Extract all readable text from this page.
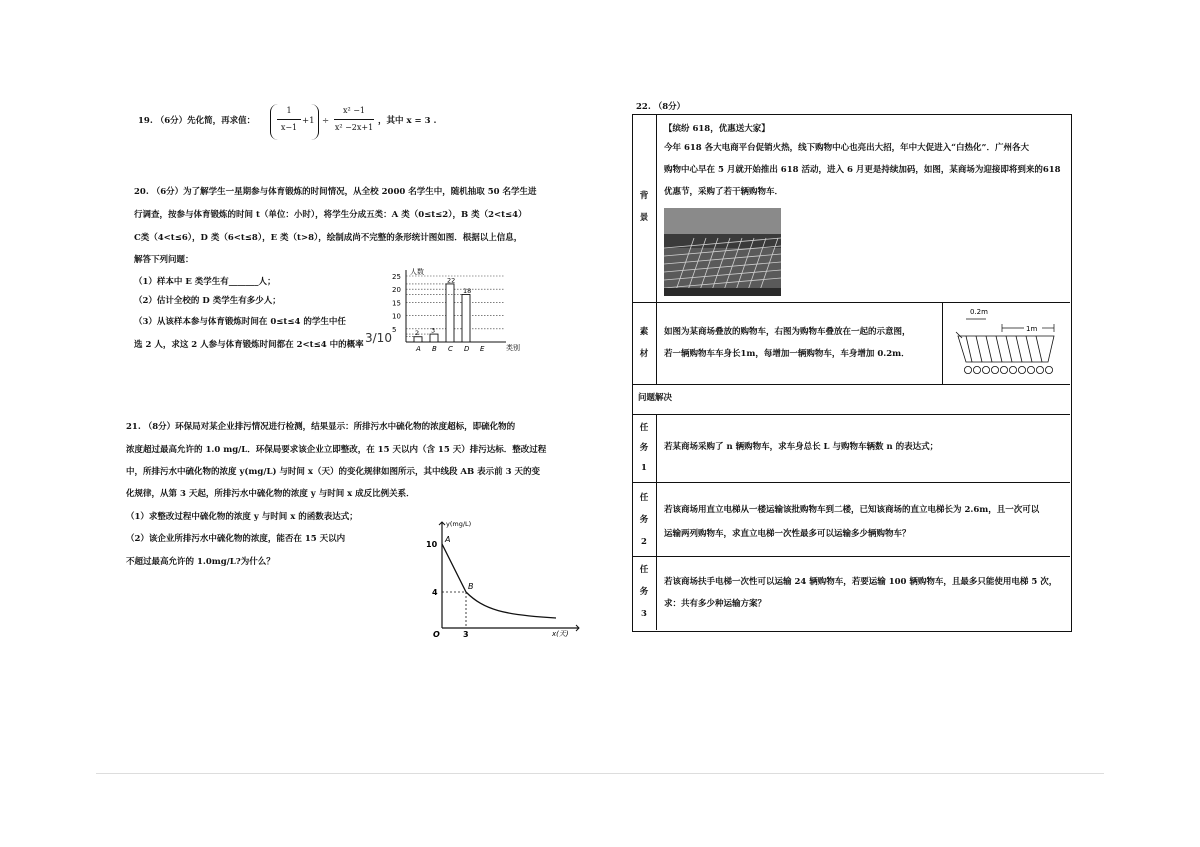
19. （6分）先化简，再求值：
1
x−1
+1 ÷
x² −1
x² −2x+1
，其中 x = 3 .
20. （6分）为了解学生一星期参与体育锻炼的时间情况，从全校 2000 名学生中，随机抽取 50 名学生进
行调查，按参与体育锻炼的时间 t（单位：小时），将学生分成五类：A 类（0≤t≤2），B 类（2<t≤4）
C类（4<t≤6），D 类（6<t≤8），E 类（t>8），绘制成尚不完整的条形统计图如图．根据以上信息，
解答下列问题：
（1）样本中 E 类学生有_______人；
（2）估计全校的 D 类学生有多少人；
（3）从该样本参与体育锻炼时间在 0≤t≤4 的学生中任
选 2 人，求这 2 人参与体育锻炼时间都在 2<t≤4 中的概率 3/10
25
20
15
10
5
人数
类别
A
2
B
3
C
22
D
18
E
21. （8分）环保局对某企业排污情况进行检测，结果显示：所排污水中硫化物的浓度超标，即硫化物的
浓度超过最高允许的 1.0 mg/L．环保局要求该企业立即整改，在 15 天以内（含 15 天）排污达标．整改过程
中，所排污水中硫化物的浓度 y(mg/L) 与时间 x（天）的变化规律如图所示，其中线段 AB 表示前 3 天的变
化规律，从第 3 天起，所排污水中硫化物的浓度 y 与时间 x 成反比例关系．
（1）求整改过程中硫化物的浓度 y 与时间 x 的函数表达式；
（2）该企业所排污水中硫化物的浓度，能否在 15 天以内
不超过最高允许的 1.0mg/L?为什么？
10
4
3
O
A
B
y(mg/L)
x(天)
22. （8分）
背
景
【缤纷 618，优惠送大家】
今年 618 各大电商平台促销火热，线下购物中心也亮出大招，年中大促进入“白热化”．广州各大
购物中心早在 5 月就开始推出 618 活动，进入 6 月更是持续加码，如图，某商场为迎接即将到来的618
优惠节，采购了若干辆购物车．
素
材
如图为某商场叠放的购物车，右图为购物车叠放在一起的示意图，
若一辆购物车车身长1m，每增加一辆购物车，车身增加 0.2m．
0.2m
1m
问题解决
任
务
1
若某商场采购了 n 辆购物车，求车身总长 L 与购物车辆数 n 的表达式；
任
务
2
若该商场用直立电梯从一楼运输该批购物车到二楼，已知该商场的直立电梯长为 2.6m，且一次可以
运输两列购物车，求直立电梯一次性最多可以运输多少辆购物车？
任
务
3
若该商场扶手电梯一次性可以运输 24 辆购物车，若要运输 100 辆购物车，且最多只能使用电梯 5 次，
求：共有多少种运输方案？
